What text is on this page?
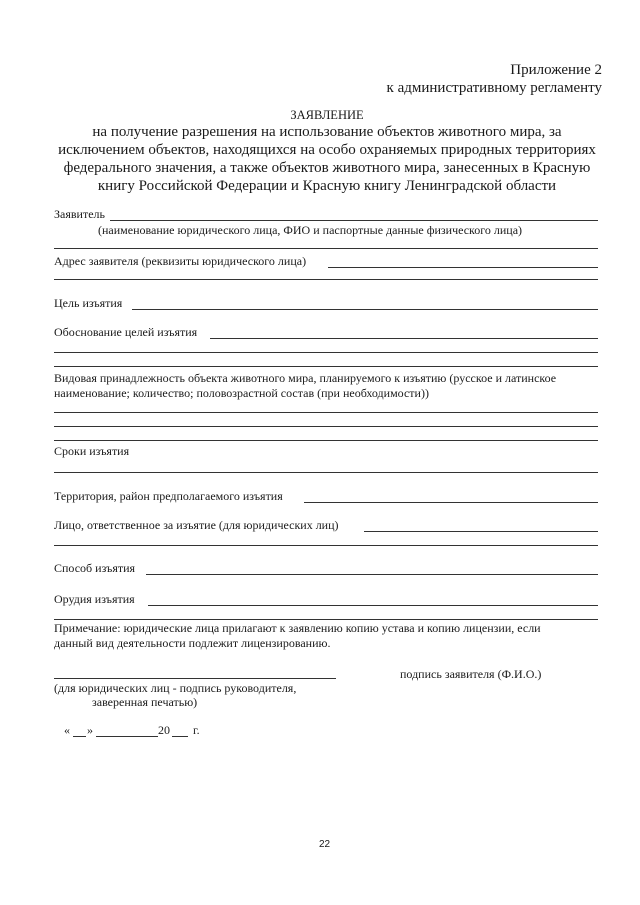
Приложение 2
к административному регламенту
ЗАЯВЛЕНИЕ
на получение разрешения на использование объектов животного мира, за
исключением объектов, находящихся на особо охраняемых природных территориях
федерального значения, а также объектов животного мира, занесенных в Красную
книгу Российской Федерации и Красную книгу Ленинградской области
Заявитель
(наименование юридического лица, ФИО и паспортные данные физического лица)
Адрес заявителя (реквизиты юридического лица)
Цель изъятия
Обоснование целей изъятия
Видовая принадлежность объекта животного мира, планируемого к изъятию (русское и латинское
наименование; количество; половозрастной состав (при необходимости))
Сроки изъятия
Территория, район предполагаемого изъятия
Лицо, ответственное за изъятие (для юридических лиц)
Способ изъятия
Орудия изъятия
Примечание: юридические лица прилагают к заявлению копию устава и копию лицензии, если
данный вид деятельности подлежит лицензированию.
подпись заявителя (Ф.И.О.)
(для юридических лиц - подпись руководителя,
заверенная печатью)
« »	20 г.
22
